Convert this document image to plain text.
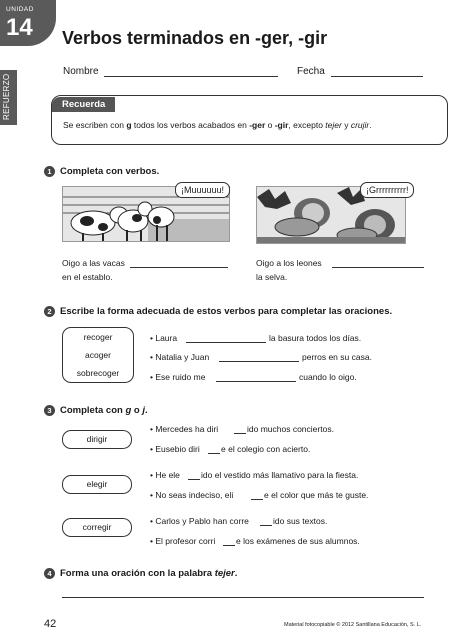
UNIDAD
14 Verbos terminados en -ger, -gir
REFUERZO
Nombre	Fecha
Recuerda
Se escriben con g todos los verbos acabados en -ger o -gir, excepto tejer y crujir.
1 Completa con verbos.
¡Muuuuuu!	¡Grrrrrrrrrr!
Oigo a las vacas
en el establo.
Oigo a los leones
la selva.
2 Escribe la forma adecuada de estos verbos para completar las oraciones.
recoger
acoger
sobrecoger
• Laura	la basura todos los días.
• Natalia y Juan	perros en su casa.
• Ese ruido me	cuando lo oigo.
3 Completa con g o j.
dirigir
• Mercedes ha diri	ido muchos conciertos.
• Eusebio diri e el colegio con acierto.
elegir
• He ele ido el vestido más llamativo para la fiesta.
• No seas indeciso, eli	e el color que más te guste.
corregir
• Carlos y Pablo han corre	ido sus textos.
• El profesor corri e los exámenes de sus alumnos.
4 Forma una oración con la palabra tejer.
42	Material fotocopiable © 2012 Santillana Educación, S. L.
